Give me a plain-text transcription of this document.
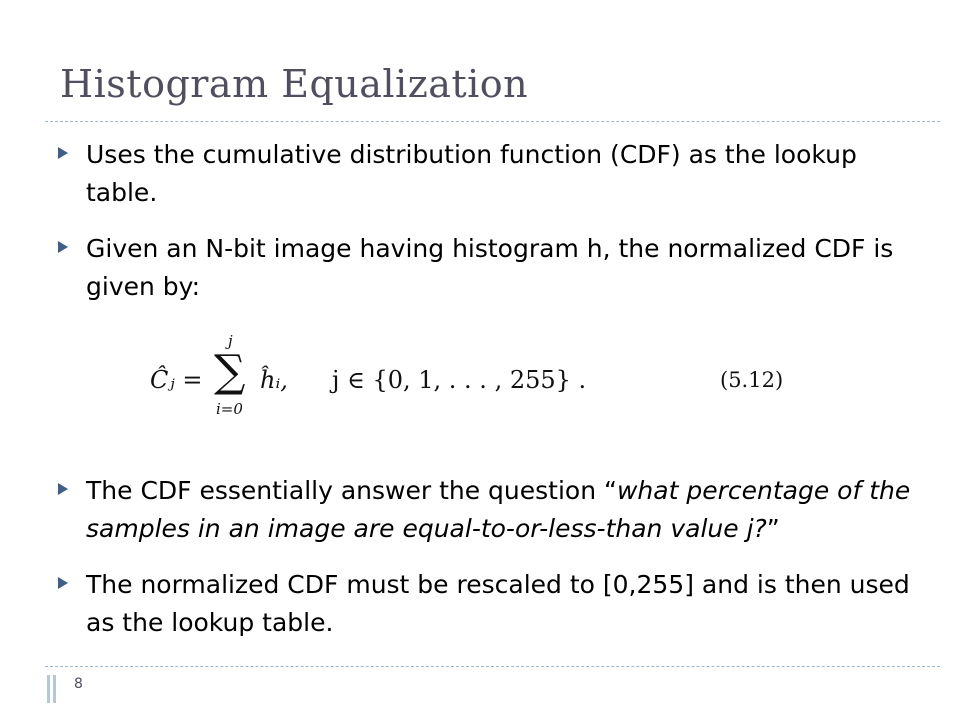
Histogram Equalization
Uses the cumulative distribution function (CDF) as the lookup table.
Given an N-bit image having histogram h, the normalized CDF is given by:
Ĉⱼ =
j
∑
i=0
ĥᵢ, j ∈ {0, 1, . . . , 255} .	(5.12)
The CDF essentially answer the question “what percentage of the samples in an image are equal-to-or-less-than value j?”
The normalized CDF must be rescaled to [0,255] and is then used as the lookup table.
8
